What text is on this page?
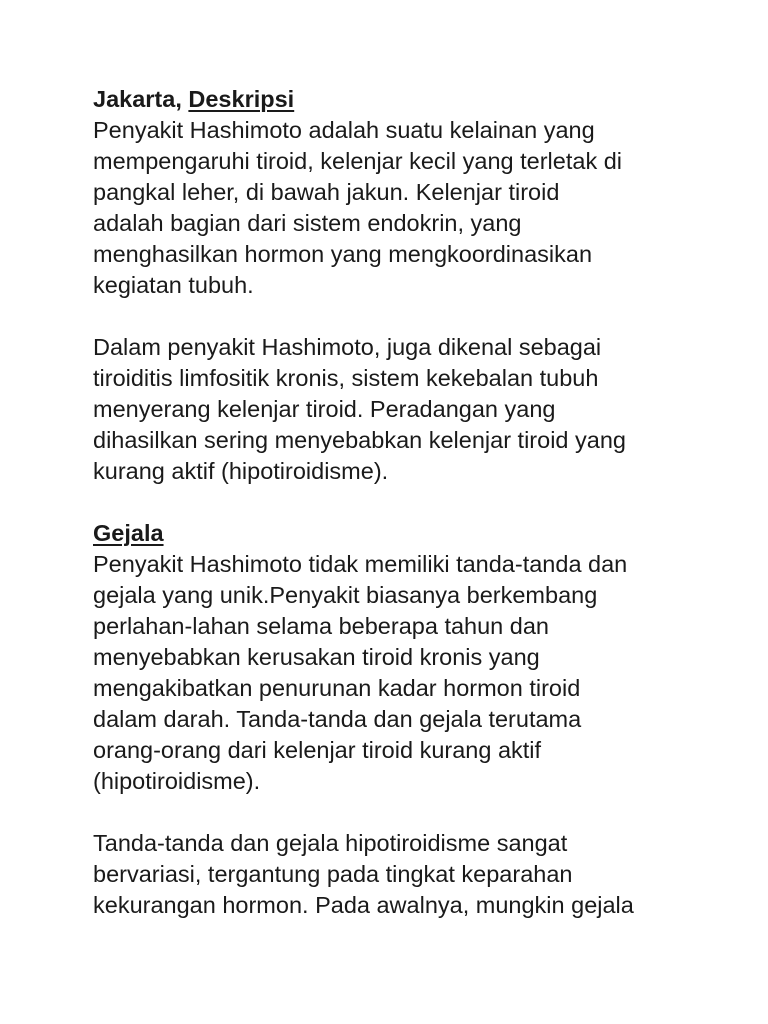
Jakarta, Deskripsi
Penyakit Hashimoto adalah suatu kelainan yang
mempengaruhi tiroid, kelenjar kecil yang terletak di
pangkal leher, di bawah jakun. Kelenjar tiroid
adalah bagian dari sistem endokrin, yang
menghasilkan hormon yang mengkoordinasikan
kegiatan tubuh.
Dalam penyakit Hashimoto, juga dikenal sebagai
tiroiditis limfositik kronis, sistem kekebalan tubuh
menyerang kelenjar tiroid. Peradangan yang
dihasilkan sering menyebabkan kelenjar tiroid yang
kurang aktif (hipotiroidisme).
Gejala
Penyakit Hashimoto tidak memiliki tanda-tanda dan
gejala yang unik.Penyakit biasanya berkembang
perlahan-lahan selama beberapa tahun dan
menyebabkan kerusakan tiroid kronis yang
mengakibatkan penurunan kadar hormon tiroid
dalam darah. Tanda-tanda dan gejala terutama
orang-orang dari kelenjar tiroid kurang aktif
(hipotiroidisme).
Tanda-tanda dan gejala hipotiroidisme sangat
bervariasi, tergantung pada tingkat keparahan
kekurangan hormon. Pada awalnya, mungkin gejala
